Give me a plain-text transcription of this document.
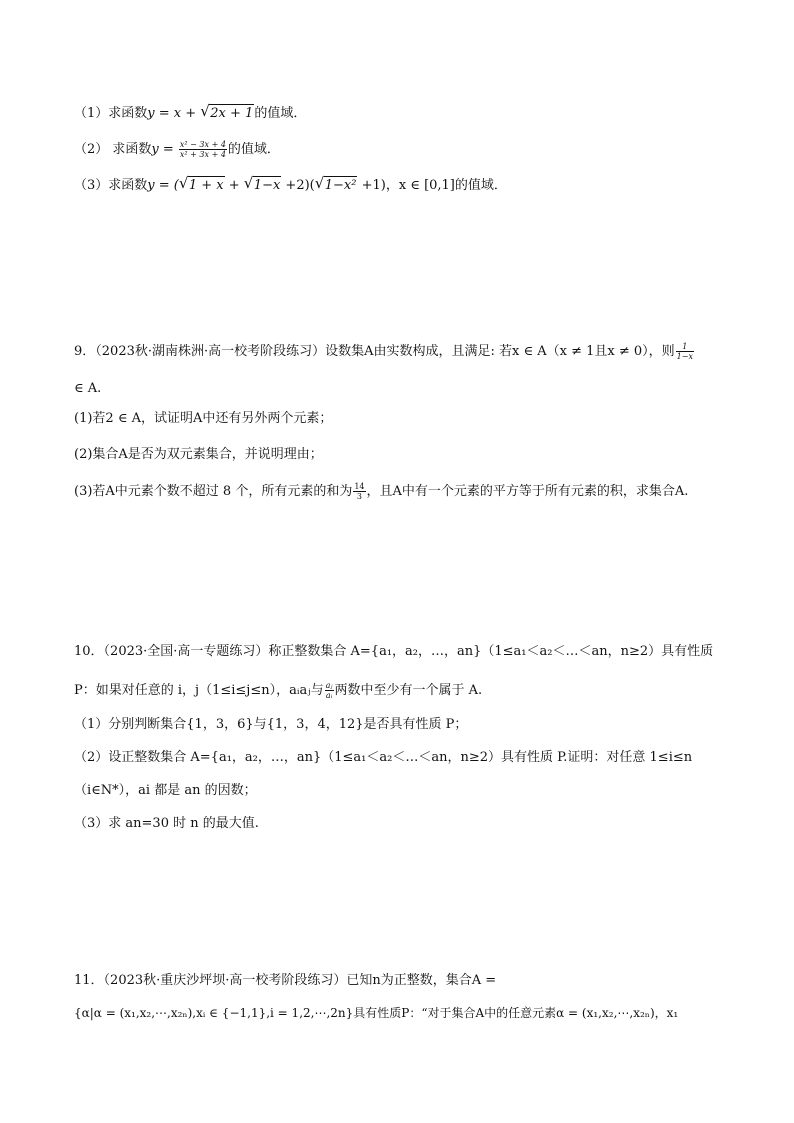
（1）求函数y = x + √ 2x + 1的值域．
（2） 求函数$y = \frac{\text{x² − 3x + 4}}{\text{x² + 3x + 4}}$ 的值域．
（3）求函数y = ( √ 1 + x + √ 1−x +2)( √ 1−x² +1)，x ∈ [0,1]的值域．
9．（2023秋·湖南株洲·高一校考阶段练习）设数集A由实数构成，且满足: 若x ∈ A（x ≠ 1且x ≠ 0），则 $\frac{1}{1-x}$
∈ A.
(1)若2 ∈ A，试证明A中还有另外两个元素；
(2)集合A是否为双元素集合，并说明理由；
(3)若A中元素个数不超过 8 个，所有元素的和为 $\frac{14}{3}$ ，且A中有一个元素的平方等于所有元素的积，求集合A.
10．（2023·全国·高一专题练习）称正整数集合 A={a₁，a₂，…，an}（1≤a₁＜a₂＜…＜an，n≥2）具有性质
P：如果对任意的 i，j（1≤i≤j≤n），aᵢaⱼ与 $\frac{\text{aⱼ}}{\text{aᵢ}}$ 两数中至少有一个属于 A.
（1）分别判断集合{1，3，6}与{1，3，4，12}是否具有性质 P；
（2）设正整数集合 A={a₁，a₂，…，an}（1≤a₁＜a₂＜…＜an，n≥2）具有性质 P.证明：对任意 1≤i≤n
（i∈N*），ai 都是 an 的因数；
（3）求 an=30 时 n 的最大值.
11．（2023秋·重庆沙坪坝·高一校考阶段练习）已知n为正整数，集合A =
{α|α = (x₁,x₂,⋯,x₂ₙ),xᵢ ∈ {−1,1},i = 1,2,⋯,2n}具有性质P：“对于集合A中的任意元素α = (x₁,x₂,⋯,x₂ₙ)，x₁
